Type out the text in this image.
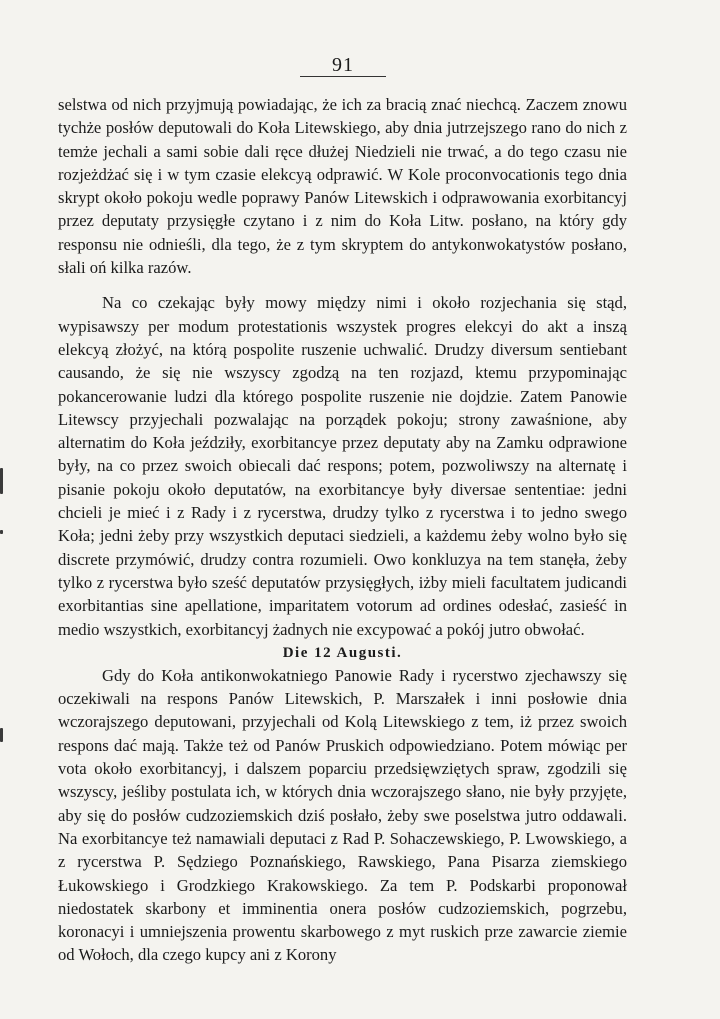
91

selstwa od nich przyjmują powiadając, że ich za bracią znać niechcą. Zaczem znowu tychże posłów deputowali do Koła Litewskiego, aby dnia jutrzejszego rano do nich z temże jechali a sami sobie dali ręce dłużej Niedzieli nie trwać, a do tego czasu nie rozjeżdżać się i w tym czasie elekcyą odprawić. W Kole proconvocationis tego dnia skrypt około pokoju wedle poprawy Panów Litewskich i odprawowania exorbitancyj przez deputaty przysięgłe czytano i z nim do Koła Litw. posłano, na który gdy responsu nie odnieśli, dla tego, że z tym skryptem do antykonwokatystów posłano, słali oń kilka razów.

Na co czekając były mowy między nimi i około rozjechania się stąd, wypisawszy per modum protestationis wszystek progres elekcyi do akt a inszą elekcyą złożyć, na którą pospolite ruszenie uchwalić. Drudzy diversum sentiebant causando, że się nie wszyscy zgodzą na ten rozjazd, ktemu przypominając pokancerowanie ludzi dla którego pospolite ruszenie nie dojdzie. Zatem Panowie Litewscy przyjechali pozwalając na porządek pokoju; strony zawaśnione, aby alternatim do Koła jeździły, exorbitancye przez deputaty aby na Zamku odprawione były, na co przez swoich obiecali dać respons; potem, pozwoliwszy na alternatę i pisanie pokoju około deputatów, na exorbitancye były diversae sententiae: jedni chcieli je mieć i z Rady i z rycerstwa, drudzy tylko z rycerstwa i to jedno swego Koła; jedni żeby przy wszystkich deputaci siedzieli, a każdemu żeby wolno było się discrete przymówić, drudzy contra rozumieli. Owo konkluzya na tem stanęła, żeby tylko z rycerstwa było sześć deputatów przysięgłych, iżby mieli facultatem judicandi exorbitantias sine apellatione, imparitatem votorum ad ordines odesłać, zasieść in medio wszystkich, exorbitancyj żadnych nie excypować a pokój jutro obwołać.

Die 12 Augusti.

Gdy do Koła antikonwokatniego Panowie Rady i rycerstwo zjechawszy się oczekiwali na respons Panów Litewskich, P. Marszałek i inni posłowie dnia wczorajszego deputowani, przyjechali od Kolą Litewskiego z tem, iż przez swoich respons dać mają. Także też od Panów Pruskich odpowiedziano. Potem mówiąc per vota około exorbitancyj, i dalszem poparciu przedsięwziętych spraw, zgodzili się wszyscy, jeśliby postulata ich, w których dnia wczorajszego słano, nie były przyjęte, aby się do posłów cudzoziemskich dziś posłało, żeby swe poselstwa jutro oddawali. Na exorbitancye też namawiali deputaci z Rad P. Sohaczewskiego, P. Lwowskiego, a z rycerstwa P. Sędziego Poznańskiego, Rawskiego, Pana Pisarza ziemskiego Łukowskiego i Grodzkiego Krakowskiego. Za tem P. Podskarbi proponował niedostatek skarbony et imminentia onera posłów cudzoziemskich, pogrzebu, koronacyi i umniejszenia prowentu skarbowego z myt ruskich prze zawarcie ziemie od Wołoch, dla czego kupcy ani z Korony
